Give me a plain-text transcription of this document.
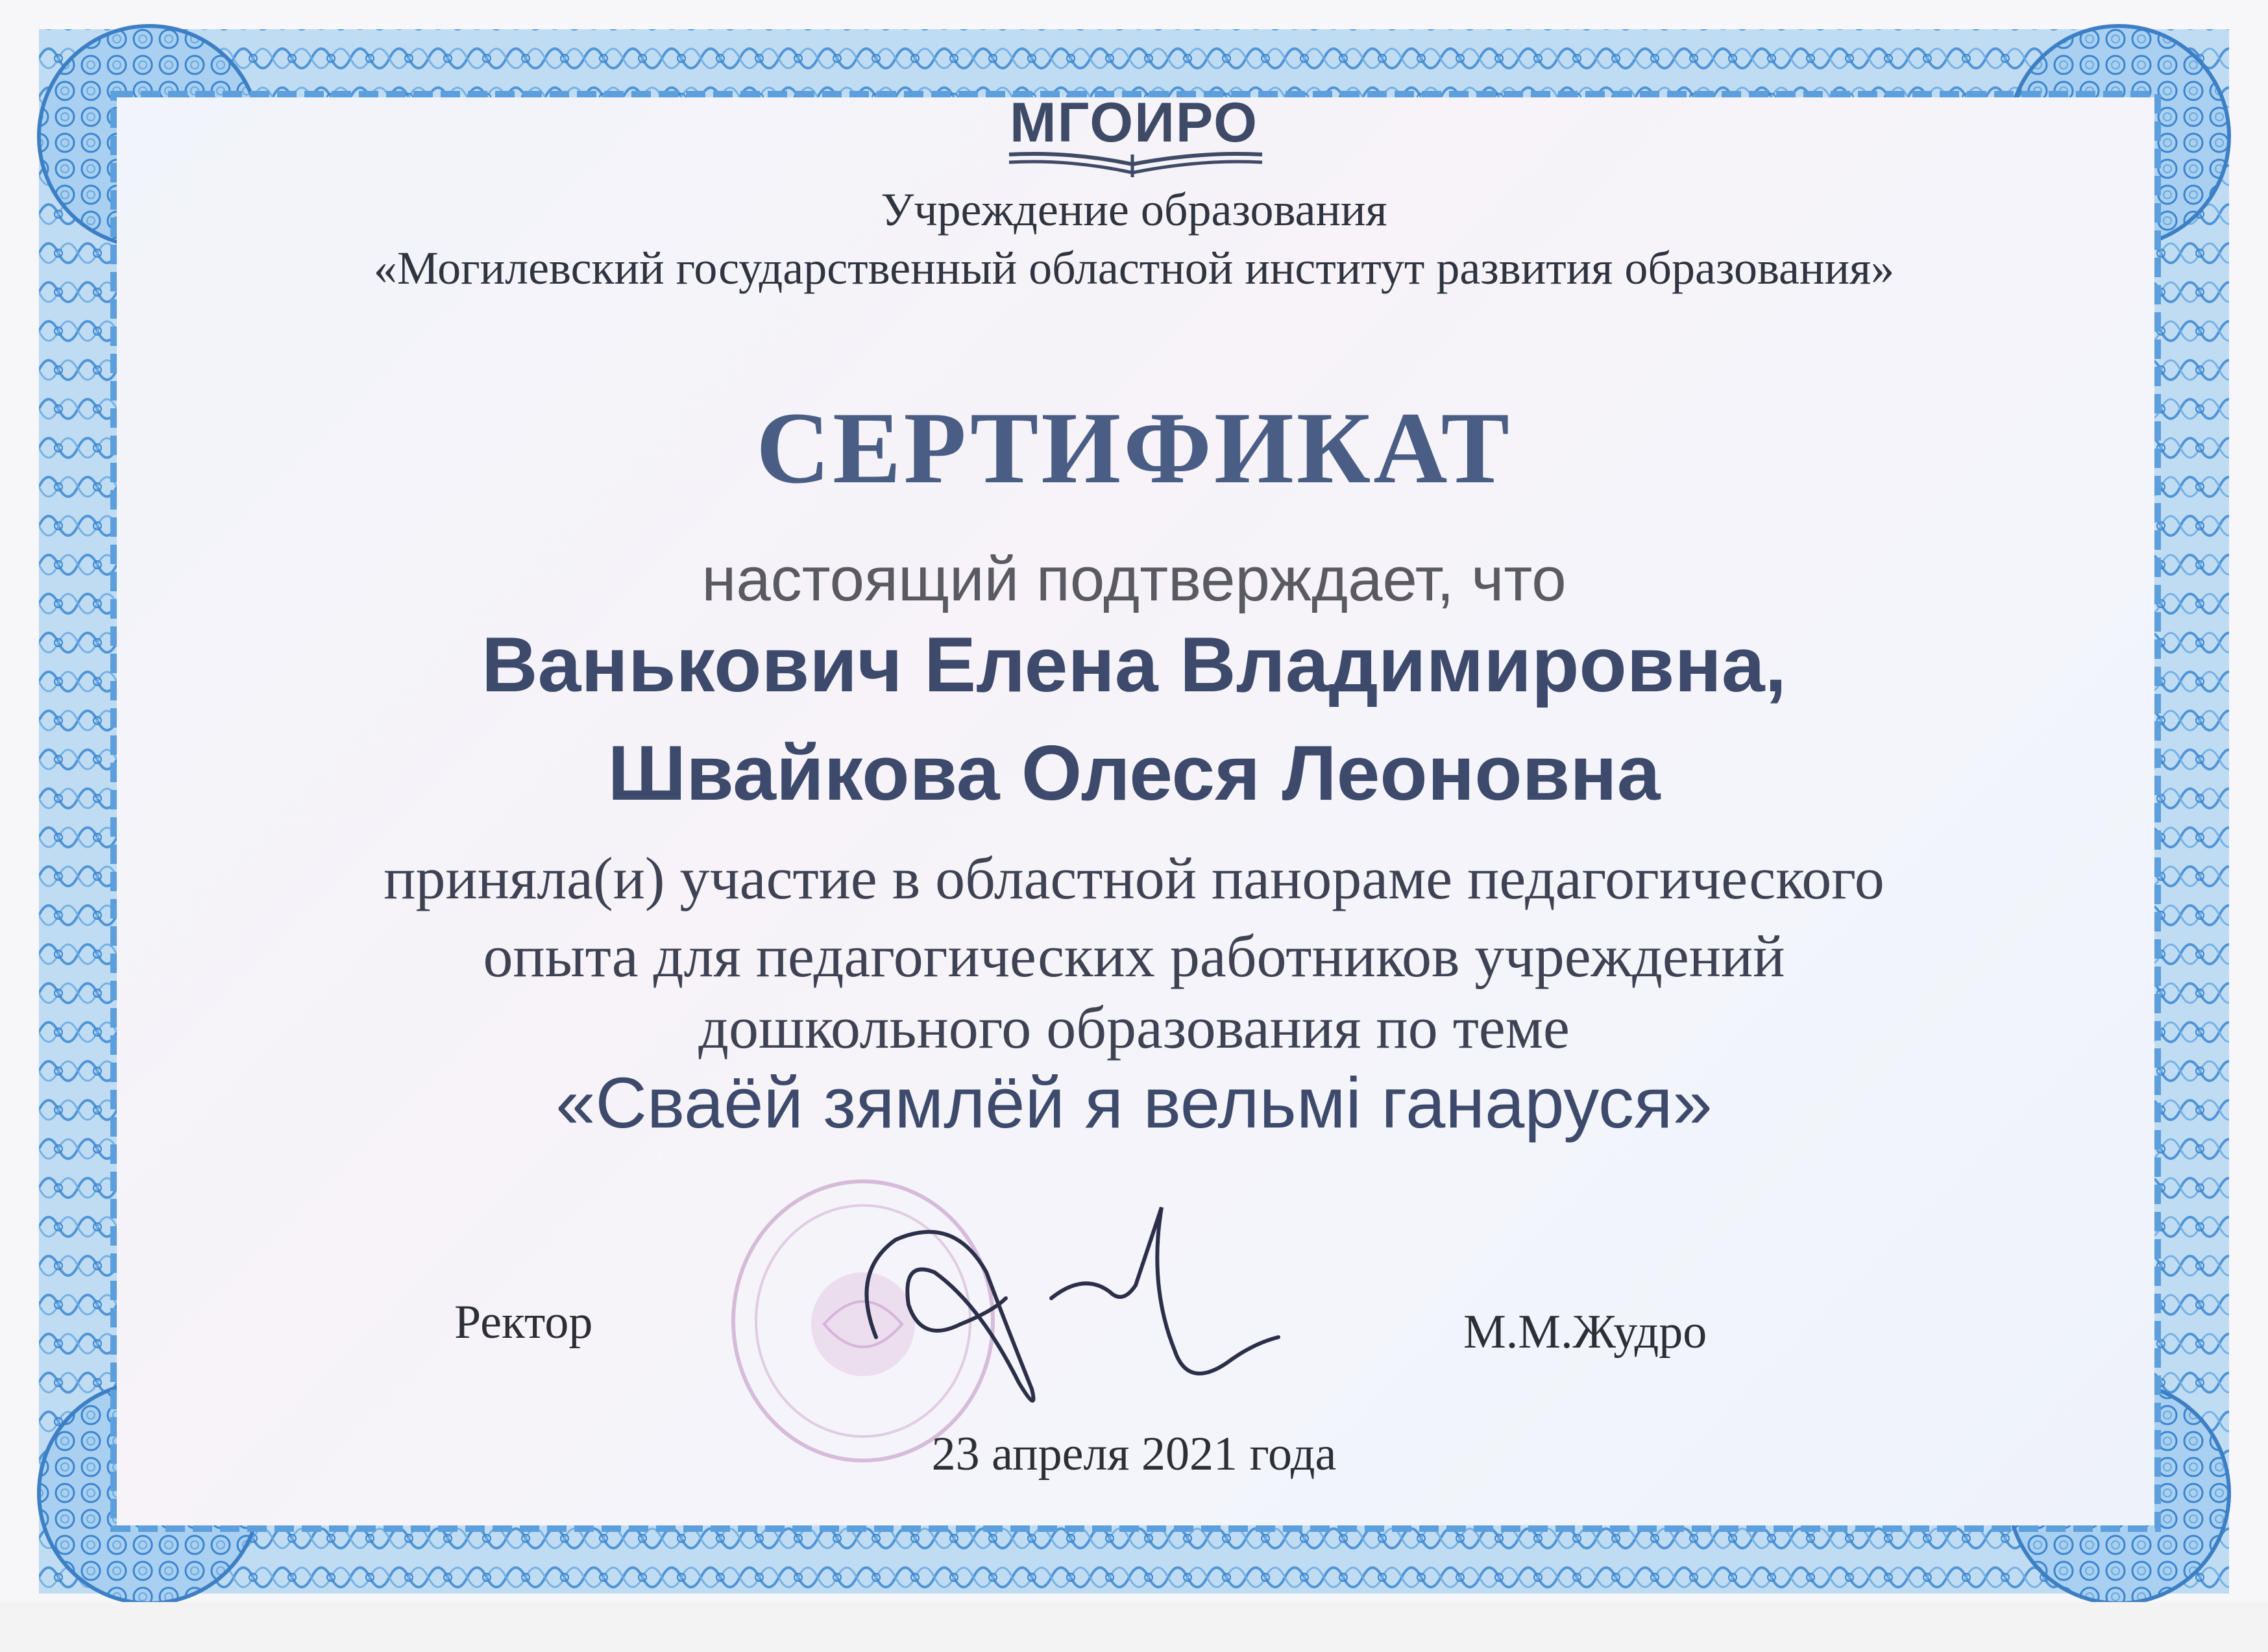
МГОИРО
Учреждение образования
«Могилевский государственный областной институт развития образования»
СЕРТИФИКАТ
настоящий подтверждает, что
Ванькович Елена Владимировна,
Швайкова Олеся Леоновна
приняла(и) участие в областной панораме педагогического
опыта для педагогических работников учреждений
дошкольного образования по теме
«Сваёй зямлёй я вельмі ганаруся»
Ректор	М.М.Жудро
23 апреля 2021 года
